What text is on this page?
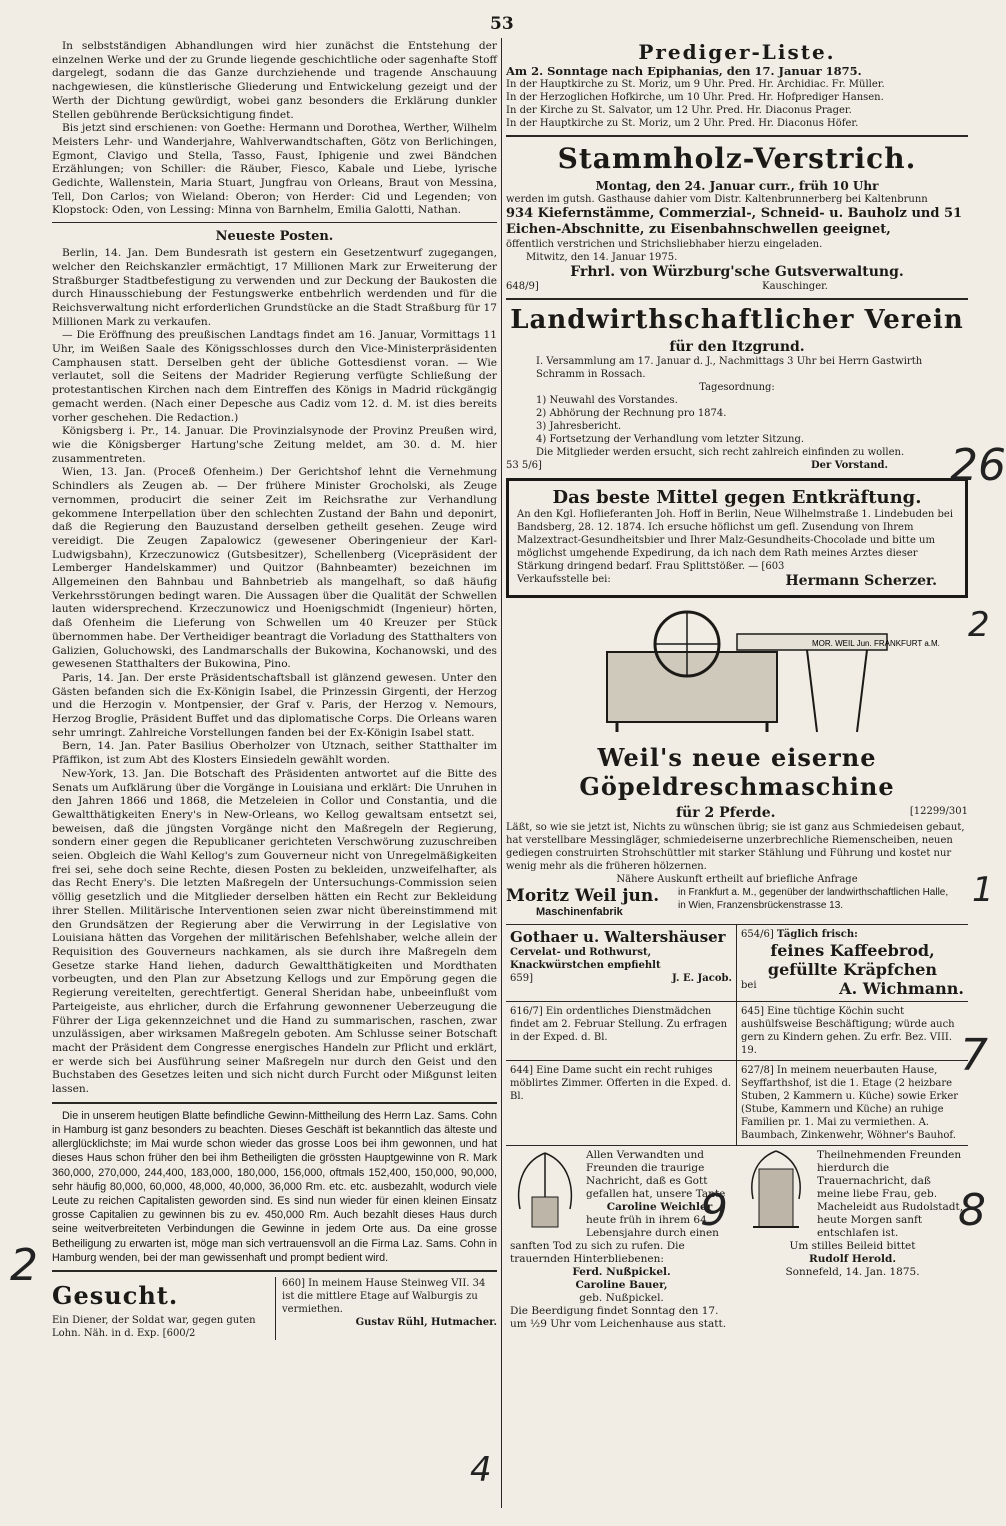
53

In selbstständigen Abhandlungen wird hier zunächst die Entstehung der einzelnen Werke und der zu Grunde liegende geschichtliche oder sagenhafte Stoff dargelegt, sodann die das Ganze durchziehende und tragende Anschauung nachgewiesen, die künstlerische Gliederung und Entwickelung gezeigt und der Werth der Dichtung gewürdigt, wobei ganz besonders die Erklärung dunkler Stellen gebührende Berücksichtigung findet.

Bis jetzt sind erschienen: von Goethe: Hermann und Dorothea, Werther, Wilhelm Meisters Lehr- und Wanderjahre, Wahlverwandtschaften, Götz von Berlichingen, Egmont, Clavigo und Stella, Tasso, Faust, Iphigenie und zwei Bändchen Erzählungen; von Schiller: die Räuber, Fiesco, Kabale und Liebe, lyrische Gedichte, Wallenstein, Maria Stuart, Jungfrau von Orleans, Braut von Messina, Tell, Don Carlos; von Wieland: Oberon; von Herder: Cid und Legenden; von Klopstock: Oden, von Lessing: Minna von Barnhelm, Emilia Galotti, Nathan.

Neueste Posten.

Berlin, 14. Jan. Dem Bundesrath ist gestern ein Gesetzentwurf zugegangen, welcher den Reichskanzler ermächtigt, 17 Millionen Mark zur Erweiterung der Straßburger Stadtbefestigung zu verwenden und zur Deckung der Baukosten die durch Hinausschiebung der Festungswerke entbehrlich werdenden und für die Reichsverwaltung nicht erforderlichen Grundstücke an die Stadt Straßburg für 17 Millionen Mark zu verkaufen.

— Die Eröffnung des preußischen Landtags findet am 16. Januar, Vormittags 11 Uhr, im Weißen Saale des Königsschlosses durch den Vice-Ministerpräsidenten Camphausen statt. Derselben geht der übliche Gottesdienst voran. — Wie verlautet, soll die Seitens der Madrider Regierung verfügte Schließung der protestantischen Kirchen nach dem Eintreffen des Königs in Madrid rückgängig gemacht werden. (Nach einer Depesche aus Cadiz vom 12. d. M. ist dies bereits vorher geschehen. Die Redaction.)

Königsberg i. Pr., 14. Januar. Die Provinzialsynode der Provinz Preußen wird, wie die Königsberger Hartung'sche Zeitung meldet, am 30. d. M. hier zusammentreten.

Wien, 13. Jan. (Proceß Ofenheim.) Der Gerichtshof lehnt die Vernehmung Schindlers als Zeugen ab. — Der frühere Minister Grocholski, als Zeuge vernommen, producirt die seiner Zeit im Reichsrathe zur Verhandlung gekommene Interpellation über den schlechten Zustand der Bahn und deponirt, daß die Regierung den Bauzustand derselben getheilt gesehen. Zeuge wird vereidigt. Die Zeugen Zapalowicz (gewesener Oberingenieur der Karl-Ludwigsbahn), Krzeczunowicz (Gutsbesitzer), Schellenberg (Vicepräsident der Lemberger Handelskammer) und Quitzor (Bahnbeamter) bezeichnen im Allgemeinen den Bahnbau und Bahnbetrieb als mangelhaft, so daß häufig Verkehrsstörungen bedingt waren. Die Aussagen über die Qualität der Schwellen lauten widersprechend. Krzeczunowicz und Hoenigschmidt (Ingenieur) hörten, daß Ofenheim die Lieferung von Schwellen um 40 Kreuzer per Stück übernommen habe. Der Vertheidiger beantragt die Vorladung des Statthalters von Galizien, Goluchowski, des Landmarschalls der Bukowina, Kochanowski, und des gewesenen Statthalters der Bukowina, Pino.

Paris, 14. Jan. Der erste Präsidentschaftsball ist glänzend gewesen. Unter den Gästen befanden sich die Ex-Königin Isabel, die Prinzessin Girgenti, der Herzog und die Herzogin v. Montpensier, der Graf v. Paris, der Herzog v. Nemours, Herzog Broglie, Präsident Buffet und das diplomatische Corps. Die Orleans waren sehr umringt. Zahlreiche Vorstellungen fanden bei der Ex-Königin Isabel statt.

Bern, 14. Jan. Pater Basilius Oberholzer von Utznach, seither Statthalter im Pfäffikon, ist zum Abt des Klosters Einsiedeln gewählt worden.

New-York, 13. Jan. Die Botschaft des Präsidenten antwortet auf die Bitte des Senats um Aufklärung über die Vorgänge in Louisiana und erklärt: Die Unruhen in den Jahren 1866 und 1868, die Metzeleien in Collor und Constantia, und die Gewaltthätigkeiten Enery's in New-Orleans, wo Kellog gewaltsam entsetzt sei, beweisen, daß die jüngsten Vorgänge nicht den Maßregeln der Regierung, sondern einer gegen die Republicaner gerichteten Verschwörung zuzuschreiben seien. Obgleich die Wahl Kellog's zum Gouverneur nicht von Unregelmäßigkeiten frei sei, sehe doch seine Rechte, diesen Posten zu bekleiden, unzweifelhafter, als das Recht Enery's. Die letzten Maßregeln der Untersuchungs-Commission seien völlig gesetzlich und die Mitglieder derselben hätten ein Recht zur Bekleidung ihrer Stellen. Militärische Interventionen seien zwar nicht übereinstimmend mit den Grundsätzen der Regierung aber die Verwirrung in der Legislative von Louisiana hätten das Vorgehen der militärischen Befehlshaber, welche allein der Requisition des Gouverneurs nachkamen, als sie durch ihre Maßregeln dem Gesetze starke Hand liehen, dadurch Gewaltthätigkeiten und Mordthaten vorbeugten, und den Plan zur Absetzung Kellogs und zur Empörung gegen die Regierung vereitelten, gerechtfertigt. General Sheridan habe, unbeeinflußt vom Parteigeiste, aus ehrlicher, durch die Erfahrung gewonnener Ueberzeugung die Führer der Liga gekennzeichnet und die Hand zu summarischen, raschen, zwar unzulässigen, aber wirksamen Maßregeln geboten. Am Schlusse seiner Botschaft macht der Präsident dem Congresse energisches Handeln zur Pflicht und erklärt, er werde sich bei Ausführung seiner Maßregeln nur durch den Geist und den Buchstaben des Gesetzes leiten und sich nicht durch Furcht oder Mißgunst leiten lassen.

Die in unserem heutigen Blatte befindliche Gewinn-Mittheilung des Herrn Laz. Sams. Cohn in Hamburg ist ganz besonders zu beachten. Dieses Geschäft ist bekanntlich das älteste und allerglücklichste; im Mai wurde schon wieder das grosse Loos bei ihm gewonnen, und hat dieses Haus schon früher den bei ihm Betheiligten die grössten Hauptgewinne von R. Mark 360,000, 270,000, 244,400, 183,000, 180,000, 156,000, oftmals 152,400, 150,000, 90,000, sehr häufig 80,000, 60,000, 48,000, 40,000, 36,000 Rm. etc. etc. ausbezahlt, wodurch viele Leute zu reichen Capitalisten geworden sind. Es sind nun wieder für einen kleinen Einsatz grosse Capitalien zu gewinnen bis zu ev. 450,000 Rm. Auch bezahlt dieses Haus durch seine weitverbreiteten Verbindungen die Gewinne in jedem Orte aus. Da eine grosse Betheiligung zu erwarten ist, möge man sich vertrauensvoll an die Firma Laz. Sams. Cohn in Hamburg wenden, bei der man gewissenhaft und prompt bedient wird.

Gesucht.

Ein Diener, der Soldat war, gegen guten Lohn. Näh. in d. Exp. [600/2

660] In meinem Hause Steinweg VII. 34 ist die mittlere Etage auf Walburgis zu vermiethen.

Gustav Rühl, Hutmacher.

Prediger-Liste.

Am 2. Sonntage nach Epiphanias, den 17. Januar 1875.

In der Hauptkirche zu St. Moriz, um 9 Uhr. Pred. Hr. Archidiac. Fr. Müller.

In der Herzoglichen Hofkirche, um 10 Uhr. Pred. Hr. Hofprediger Hansen.

In der Kirche zu St. Salvator, um 12 Uhr. Pred. Hr. Diaconus Prager.

In der Hauptkirche zu St. Moriz, um 2 Uhr. Pred. Hr. Diaconus Höfer.

Stammholz-Verstrich.

Montag, den 24. Januar curr., früh 10 Uhr

werden im gutsh. Gasthause dahier vom Distr. Kaltenbrunnerberg bei Kaltenbrunn

934 Kiefernstämme, Commerzial-, Schneid- u. Bauholz und 51 Eichen-Abschnitte, zu Eisenbahnschwellen geeignet,

öffentlich verstrichen und Strichsliebhaber hierzu eingeladen.

Mitwitz, den 14. Januar 1975.

Frhrl. von Würzburg'sche Gutsverwaltung.

648/9]	Kauschinger.
Landwirthschaftlicher Verein
für den Itzgrund.

I. Versammlung am 17. Januar d. J., Nachmittags 3 Uhr bei Herrn Gastwirth Schramm in Rossach.

Tagesordnung:

1) Neuwahl des Vorstandes.

2) Abhörung der Rechnung pro 1874.

3) Jahresbericht.

4) Fortsetzung der Verhandlung vom letzter Sitzung.

Die Mitglieder werden ersucht, sich recht zahlreich einfinden zu wollen.

53 5/6]	Der Vorstand.
Das beste Mittel gegen Entkräftung.

An den Kgl. Hoflieferanten Joh. Hoff in Berlin, Neue Wilhelmstraße 1. Lindebuden bei Bandsberg, 28. 12. 1874. Ich ersuche höflichst um gefl. Zusendung von Ihrem Malzextract-Gesundheitsbier und Ihrer Malz-Gesundheits-Chocolade und bitte um möglichst umgehende Expedirung, da ich nach dem Rath meines Arztes dieser Stärkung dringend bedarf. Frau Splittstößer. — [603

Verkaufsstelle bei:	Hermann Scherzer.
MOR. WEIL Jun. FRANKFURT a.M.
Weil's neue eiserne Göpeldreschmaschine
für 2 Pferde.	[12299/301

Läßt, so wie sie jetzt ist, Nichts zu wünschen übrig; sie ist ganz aus Schmiedeisen gebaut, hat verstellbare Messingläger, schmiedeiserne unzerbrechliche Riemenscheiben, neuen gediegen construirten Strohschüttler mit starker Stählung und Führung und kostet nur wenig mehr als die früheren hölzernen.

Nähere Auskunft ertheilt auf briefliche Anfrage

Moritz Weil jun.
Maschinenfabrik
in Frankfurt a. M., gegenüber der landwirthschaftlichen Halle,
in Wien, Franzensbrückenstrasse 13.
Gothaer u. Waltershäuser

Cervelat- und Rothwurst, Knackwürstchen empfiehlt

659]	J. E. Jacob.
654/6] Täglich frisch:
feines Kaffeebrod,
gefüllte Kräpfchen
bei	A. Wichmann.
616/7] Ein ordentliches Dienstmädchen findet am 2. Februar Stellung. Zu erfragen in der Exped. d. Bl.
645] Eine tüchtige Köchin sucht aushülfsweise Beschäftigung; würde auch gern zu Kindern gehen. Zu erfr. Bez. VIII. 19.
644] Eine Dame sucht ein recht ruhiges möblirtes Zimmer. Offerten in die Exped. d. Bl.
627/8] In meinem neuerbauten Hause, Seyffarthshof, ist die 1. Etage (2 heizbare Stuben, 2 Kammern u. Küche) sowie Erker (Stube, Kammern und Küche) an ruhige Familien pr. 1. Mai zu vermiethen. A. Baumbach, Zinkenwehr, Wöhner's Bauhof.

Allen Verwandten und Freunden die traurige Nachricht, daß es Gott gefallen hat, unsere Tante

Caroline Weichler

heute früh in ihrem 64. Lebensjahre durch einen sanften Tod zu sich zu rufen. Die trauernden Hinterbliebenen:

Ferd. Nußpickel.

Caroline Bauer,

geb. Nußpickel.

Die Beerdigung findet Sonntag den 17. um ½9 Uhr vom Leichenhause aus statt.

Theilnehmenden Freunden hierdurch die Trauernachricht, daß meine liebe Frau, geb. Macheleidt aus Rudolstadt, heute Morgen sanft entschlafen ist.

Um stilles Beileid bittet

Rudolf Herold.

Sonnefeld, 14. Jan. 1875.

26
2
1
7
8
2
4
9
